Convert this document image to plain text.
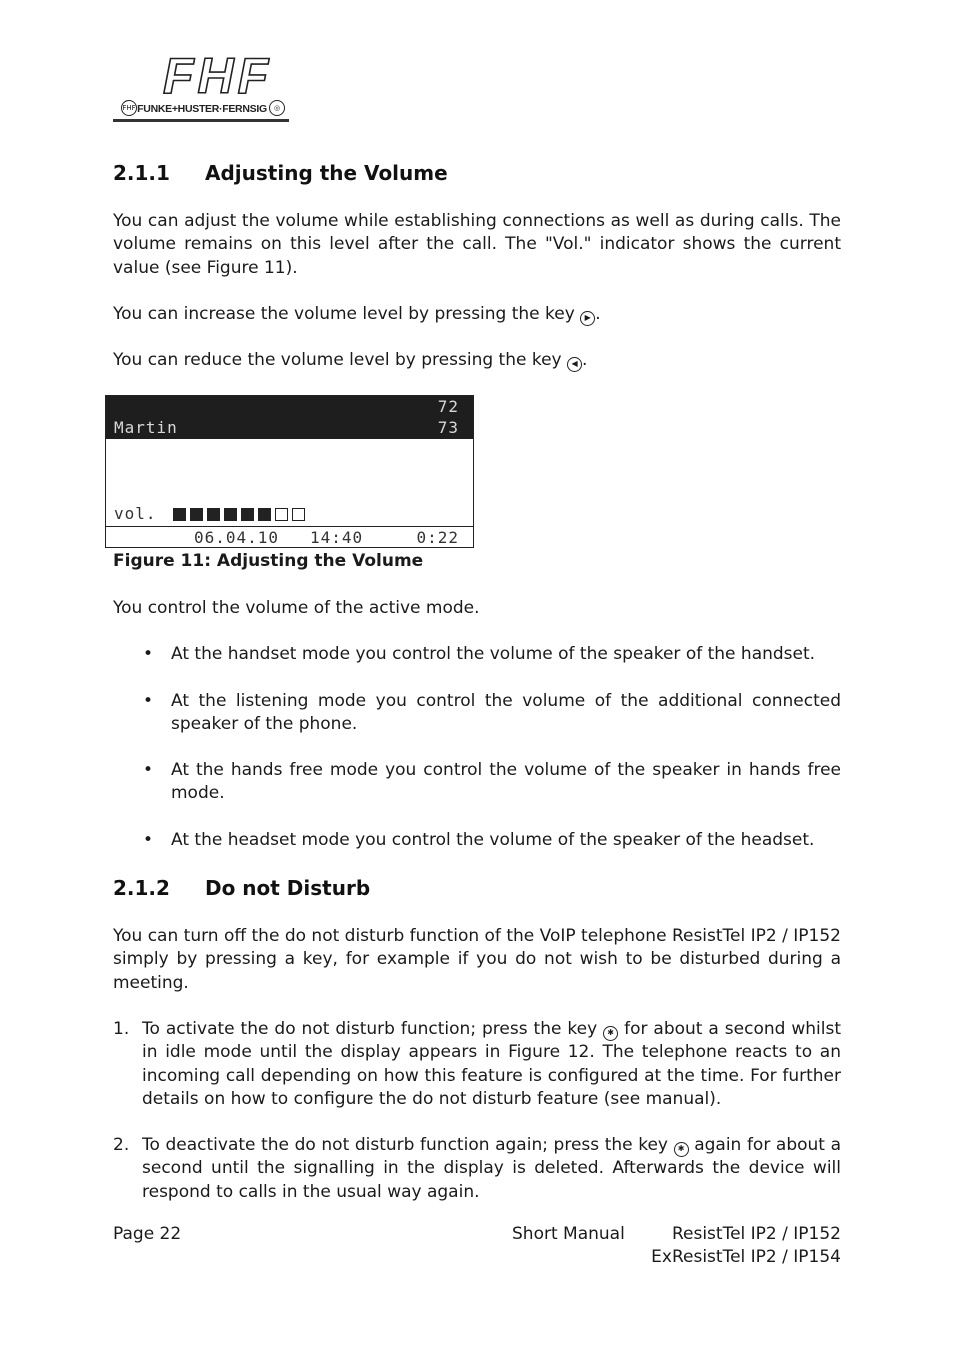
FHF
FHF FUNKE+HUSTER·FERNSIG	◎
2.1.1 Adjusting the Volume

You can adjust the volume while establishing connections as well as during calls. The volume remains on this level after the call. The "Vol." indicator shows the current value (see Figure 11).

You can increase the volume level by pressing the key ▶ .

You can reduce the volume level by pressing the key ◀ .

72
Martin	73
vol.
06.04.10 14:40	0:22
Figure 11: Adjusting the Volume

You control the volume of the active mode.

• At the handset mode you control the volume of the speaker of the handset.
• At the listening mode you control the volume of the additional connected speaker of the phone.
• At the hands free mode you control the volume of the speaker in hands free mode.
• At the headset mode you control the volume of the speaker of the headset.
2.1.2 Do not Disturb

You can turn off the do not disturb function of the VoIP telephone ResistTel IP2 / IP152 simply by pressing a key, for example if you do not wish to be disturbed during a meeting.

1. To activate the do not disturb function; press the key ✱ for about a second whilst in idle mode until the display appears in Figure 12. The telephone reacts to an incoming call depending on how this feature is configured at the time. For further details on how to configure the do not disturb feature (see manual).
2. To deactivate the do not disturb function again; press the key ✱ again for about a second until the signalling in the display is deleted. Afterwards the device will respond to calls in the usual way again.
Page 22	Short Manual	ResistTel IP2 / IP152
ExResistTel IP2 / IP154
